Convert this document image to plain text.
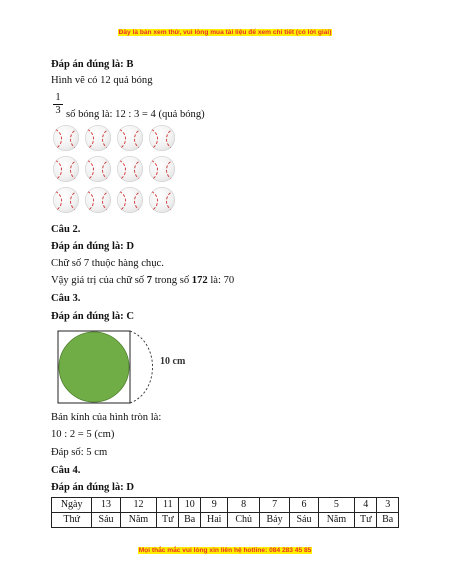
Đây là bản xem thử, vui lòng mua tài liệu để xem chi tiết (có lời giải)
Đáp án đúng là: B
Hình vẽ có 12 quả bóng
1
3 số bóng là: 12 : 3 = 4 (quả bóng)
Câu 2.
Đáp án đúng là: D
Chữ số 7 thuộc hàng chục.
Vậy giá trị của chữ số 7 trong số 172 là: 70
Câu 3.
Đáp án đúng là: C
10 cm
Bán kính của hình tròn là:
10 : 2 = 5 (cm)
Đáp số: 5 cm
Câu 4.
Đáp án đúng là: D
Ngày	13	12	11	10	9	8	7	6	5	4	3
Thứ	Sáu	Năm	Tư	Ba	Hai	Chủ	Bảy	Sáu	Năm	Tư	Ba
Mọi thắc mắc vui lòng xin liên hệ hotline: 084 283 45 85
